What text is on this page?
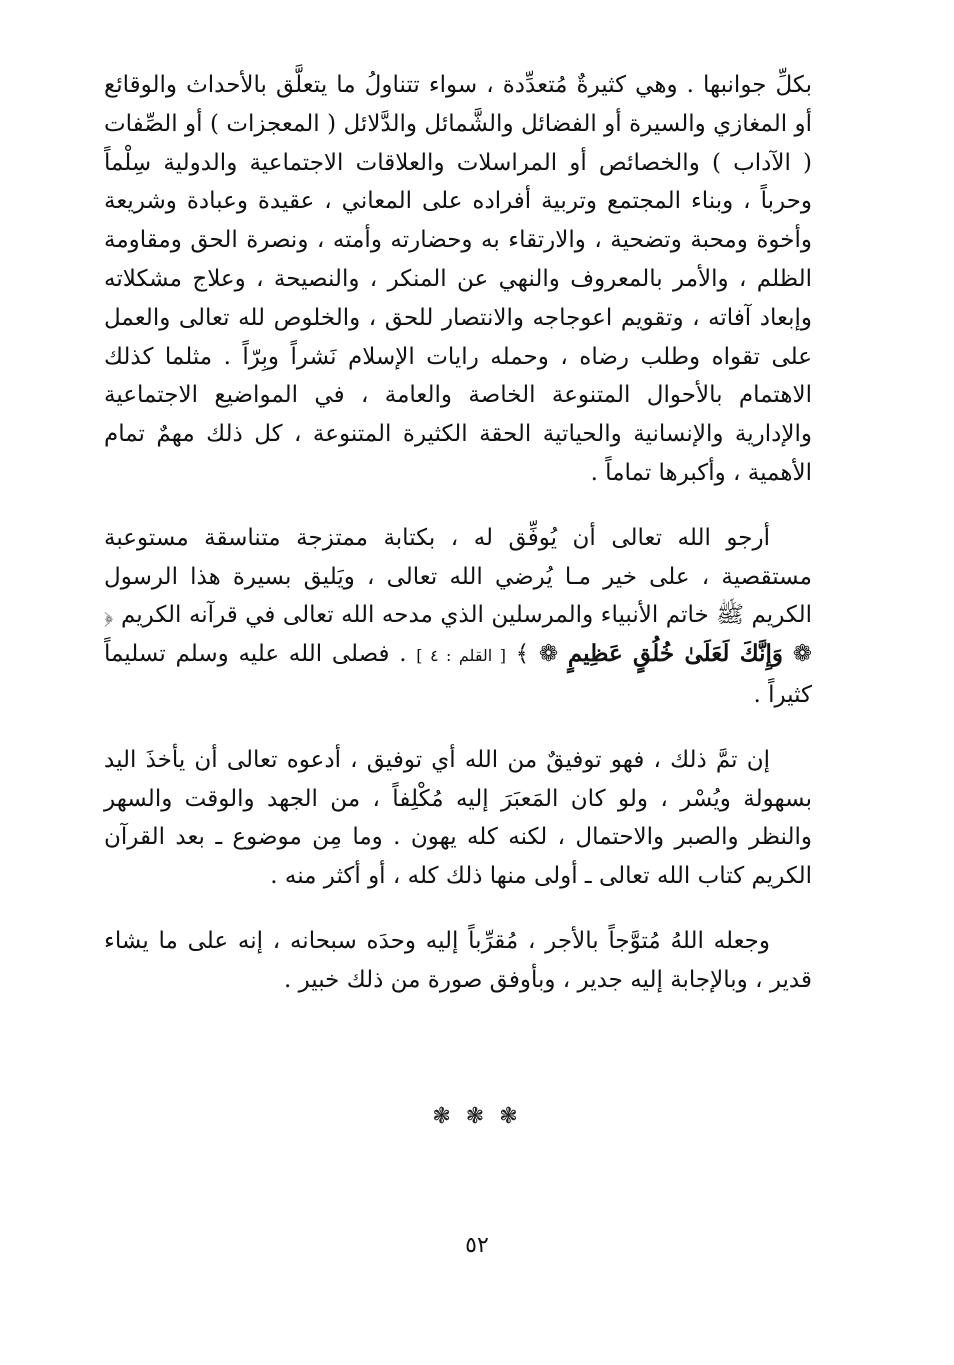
بكلِّ جوانبها . وهي كثيرةٌ مُتعدِّدة ، سواء تتناولُ ما يتعلَّق بالأحداث والوقائع أو المغازي والسيرة أو الفضائل والشَّمائل والدَّلائل ( المعجزات ) أو الصِّفات ( الآداب ) والخصائص أو المراسلات والعلاقات الاجتماعية والدولية سِلْماً وحرباً ، وبناء المجتمع وتربية أفراده على المعاني ، عقيدة وعبادة وشريعة وأخوة ومحبة وتضحية ، والارتقاء به وحضارته وأمته ، ونصرة الحق ومقاومة الظلم ، والأمر بالمعروف والنهي عن المنكر ، والنصيحة ، وعلاج مشكلاته وإبعاد آفاته ، وتقويم اعوجاجه والانتصار للحق ، والخلوص لله تعالى والعمل على تقواه وطلب رضاه ، وحمله رايات الإسلام نَشراً وبِرّاً . مثلما كذلك الاهتمام بالأحوال المتنوعة الخاصة والعامة ، في المواضيع الاجتماعية والإدارية والإنسانية والحياتية الحقة الكثيرة المتنوعة ، كل ذلك مهمٌ تمام الأهمية ، وأكبرها تماماً .

أرجو الله تعالى أن يُوفِّق له ، بكتابة ممتزجة متناسقة مستوعبة مستقصية ، على خير مـا يُرضي الله تعالى ، ويَليق بسيرة هذا الرسول الكريم ﷺ خاتم الأنبياء والمرسلين الذي مدحه الله تعالى في قرآنه الكريم ﴿ ❁ وَإِنَّكَ لَعَلَىٰ خُلُقٍ عَظِيمٍ ❁ ﴾ [ القلم : ٤ ] . فصلى الله عليه وسلم تسليماً كثيراً .

إن تمَّ ذلك ، فهو توفيقٌ من الله أي توفيق ، أدعوه تعالى أن يأخذَ اليد بسهولة ويُسْر ، ولو كان المَعبَرَ إليه مُكْلِفاً ، من الجهد والوقت والسهر والنظر والصبر والاحتمال ، لكنه كله يهون . وما مِن موضوع ـ بعد القرآن الكريم كتاب الله تعالى ـ أولى منها ذلك كله ، أو أكثر منه .

وجعله اللهُ مُتوَّجاً بالأجر ، مُقرِّباً إليه وحدَه سبحانه ، إنه على ما يشاء قدير ، وبالإجابة إليه جدير ، وبأوفق صورة من ذلك خبير .

❃ ❃ ❃
٥٢
